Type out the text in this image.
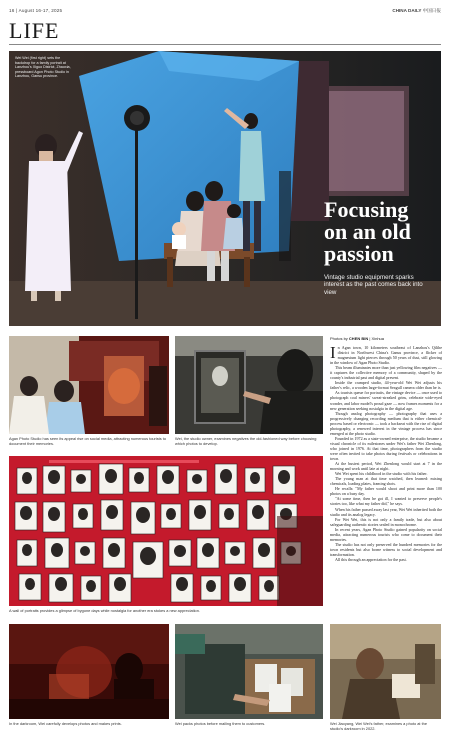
16 | August 16-17, 2025	CHINA DAILY 中国日报
LIFE
Wei Wei (first right) sets the backdrop for a family portrait at Lanzhou's Xiguo District, Zhaoxia, pressboard Agon Photo Studio in Lanzhou, Gansu province.
Focusing
on an old
passion
Vintage studio equipment sparks interest as the past comes back into view
Agan Photo Studio has seen its appeal rise on social media, attracting numerous tourists to document their memories.
Wei, the studio owner, examines negatives the old-fashioned way before choosing which photos to develop.
A wall of portraits provides a glimpse of bygone days while nostalgia for another era stokes a new appreciation.
Photos by CHEN BIN | Xinhua

In Agan town, 10 kilometers southeast of Lanzhou's Qilihe district in Northwest China's Gansu province, a flicker of magnesium light pierces through 50 years of dust, still glowing in the window of Agan Photo Studio.

This beam illuminates more than just yellowing film negatives — it captures the collective memory of a community, shaped by the county's industrial past and digital present.

Inside the cramped studio, 44-year-old Wei Wei adjusts his father's relic, a wooden large-format Seagull camera older than he is.

As tourists queue for portraits, the vintage device — once used to photograph coal miners' sweat-streaked grins, celebrate wide-eyed wonder, and labor model's proud gaze — now frames moments for a new generation seeking nostalgia in the digital age.

Though analog photography — photography that uses a progressively changing recording medium that is either chemical-process based or electronic — took a backseat with the rise of digital photography, a renewed interest in the vintage process has since emerged at the photo studio.

Founded in 1972 as a state-owned enterprise, the studio became a visual chronicle of its milestones under Wei's father Wei Zhenlong, who joined in 1976. At that time, photographers from the studio were often invited to take photos during festivals or celebrations in town.

At the busiest period, Wei Zhenlong would start at 7 in the morning and work until late at night.

Wei Wei spent his childhood in the studio with his father.

The young man at that time watched, then learned: mixing chemicals, loading plates, framing shots.

He recalls: "My father would shoot and print more than 100 photos on a busy day.

"At some time, then he got ill, I wanted to preserve people's stories too, like what my father did," he says.

When his father passed away last year, Wei Wei inherited both the studio and its analog legacy.

For Wei Wei, this is not only a family trade, but also about safeguarding authentic stories sealed in monochrome.

In recent years, Agan Photo Studio gained popularity on social media, attracting numerous tourists who come to document their memories.

The studio has not only preserved the hundred memories for the town residents but also borne witness to social development and transformation.

All this through an appreciation for the past.

In the darkroom, Wei carefully develops photos and makes prints.	Wei packs photos before mailing them to customers.	Wei Jiaoyang, Wei Wei's father, examines a photo at the studio's darkroom in 2022.
